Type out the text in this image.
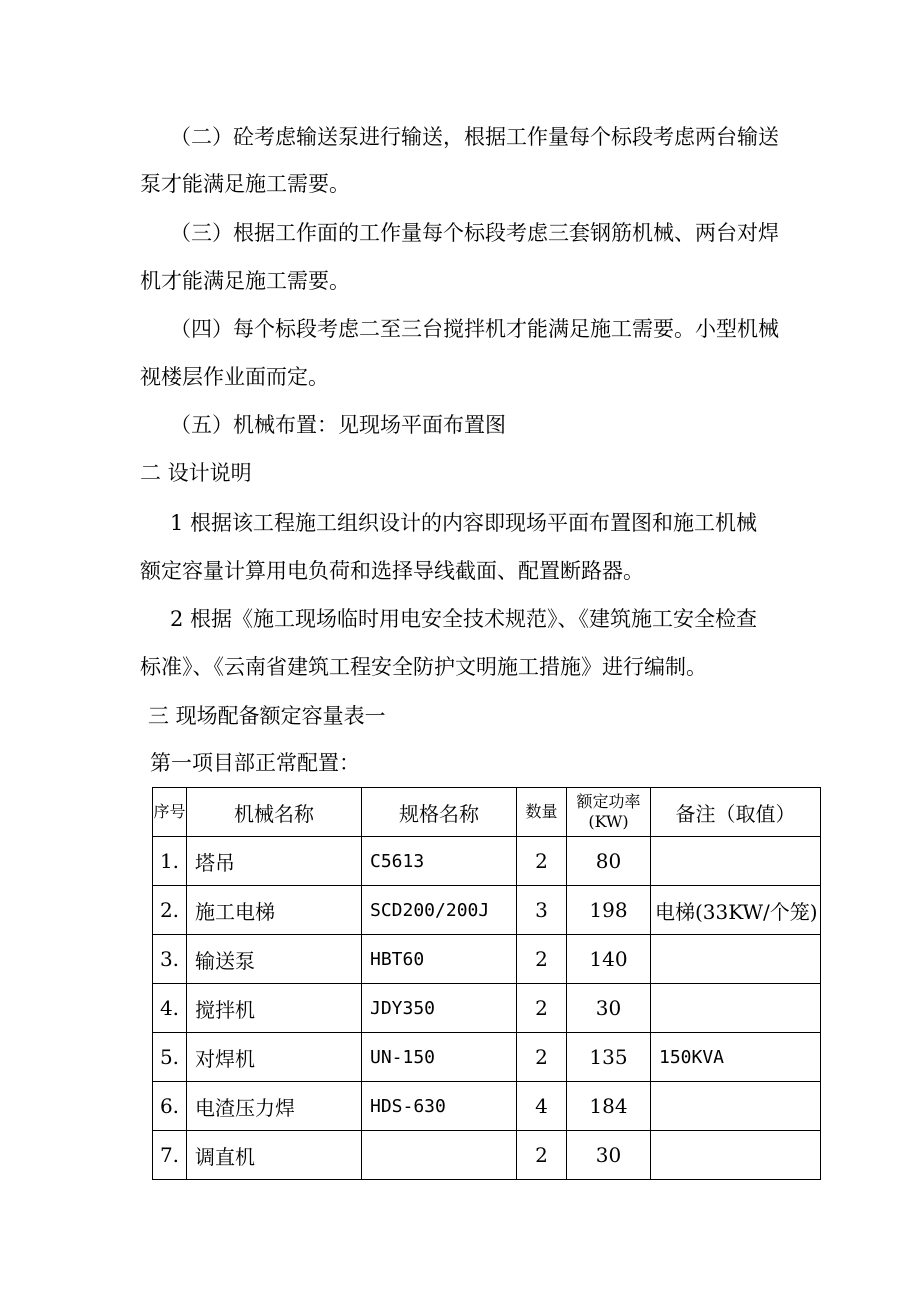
（二）砼考虑输送泵进行输送，根据工作量每个标段考虑两台输送

泵才能满足施工需要。

（三）根据工作面的工作量每个标段考虑三套钢筋机械、两台对焊

机才能满足施工需要。

（四）每个标段考虑二至三台搅拌机才能满足施工需要。小型机械

视楼层作业面而定。

（五）机械布置：见现场平面布置图

二 设计说明

1 根据该工程施工组织设计的内容即现场平面布置图和施工机械

额定容量计算用电负荷和选择导线截面、配置断路器。

2 根据《施工现场临时用电安全技术规范》、《建筑施工安全检查

标准》、《云南省建筑工程安全防护文明施工措施》进行编制。

三 现场配备额定容量表一

第一项目部正常配置：

序号	机械名称	规格名称	数量	额定功率(KW)	备注（取值）
1.	塔吊	C5613	2	80	
2.	施工电梯	SCD200/200J	3	198	电梯(33KW/个笼)
3.	输送泵	HBT60	2	140	
4.	搅拌机	JDY350	2	30	
5.	对焊机	UN-150	2	135	150KVA
6.	电渣压力焊	HDS-630	4	184	
7.	调直机		2	30	
